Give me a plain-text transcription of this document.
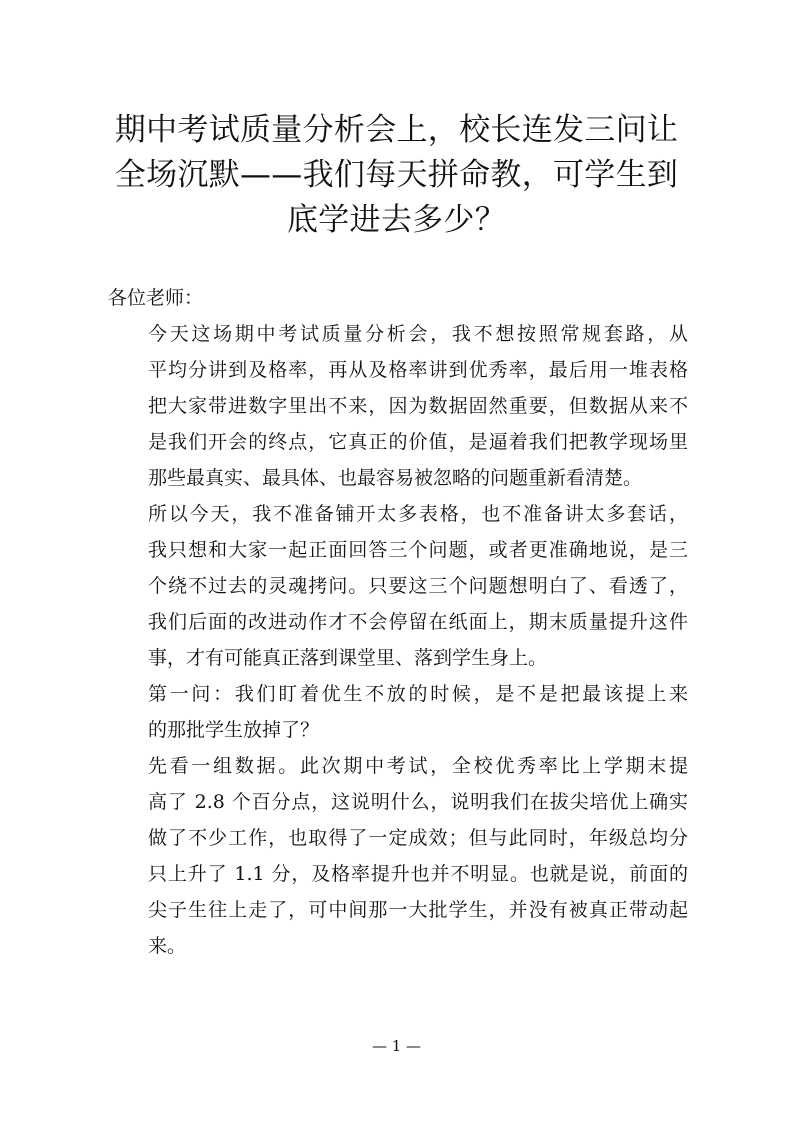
期中考试质量分析会上，校长连发三问让
全场沉默——我们每天拼命教，可学生到
底学进去多少？

各位老师：

今天这场期中考试质量分析会，我不想按照常规套路，从
平均分讲到及格率，再从及格率讲到优秀率，最后用一堆表格
把大家带进数字里出不来，因为数据固然重要，但数据从来不
是我们开会的终点，它真正的价值，是逼着我们把教学现场里
那些最真实、最具体、也最容易被忽略的问题重新看清楚。

所以今天，我不准备铺开太多表格，也不准备讲太多套话，
我只想和大家一起正面回答三个问题，或者更准确地说，是三
个绕不过去的灵魂拷问。只要这三个问题想明白了、看透了，
我们后面的改进动作才不会停留在纸面上，期末质量提升这件
事，才有可能真正落到课堂里、落到学生身上。

第一问：我们盯着优生不放的时候，是不是把最该提上来
的那批学生放掉了？

先看一组数据。此次期中考试，全校优秀率比上学期末提
高了 2.8 个百分点，这说明什么，说明我们在拔尖培优上确实
做了不少工作，也取得了一定成效；但与此同时，年级总均分
只上升了 1.1 分，及格率提升也并不明显。也就是说，前面的
尖子生往上走了，可中间那一大批学生，并没有被真正带动起
来。

— 1 —
